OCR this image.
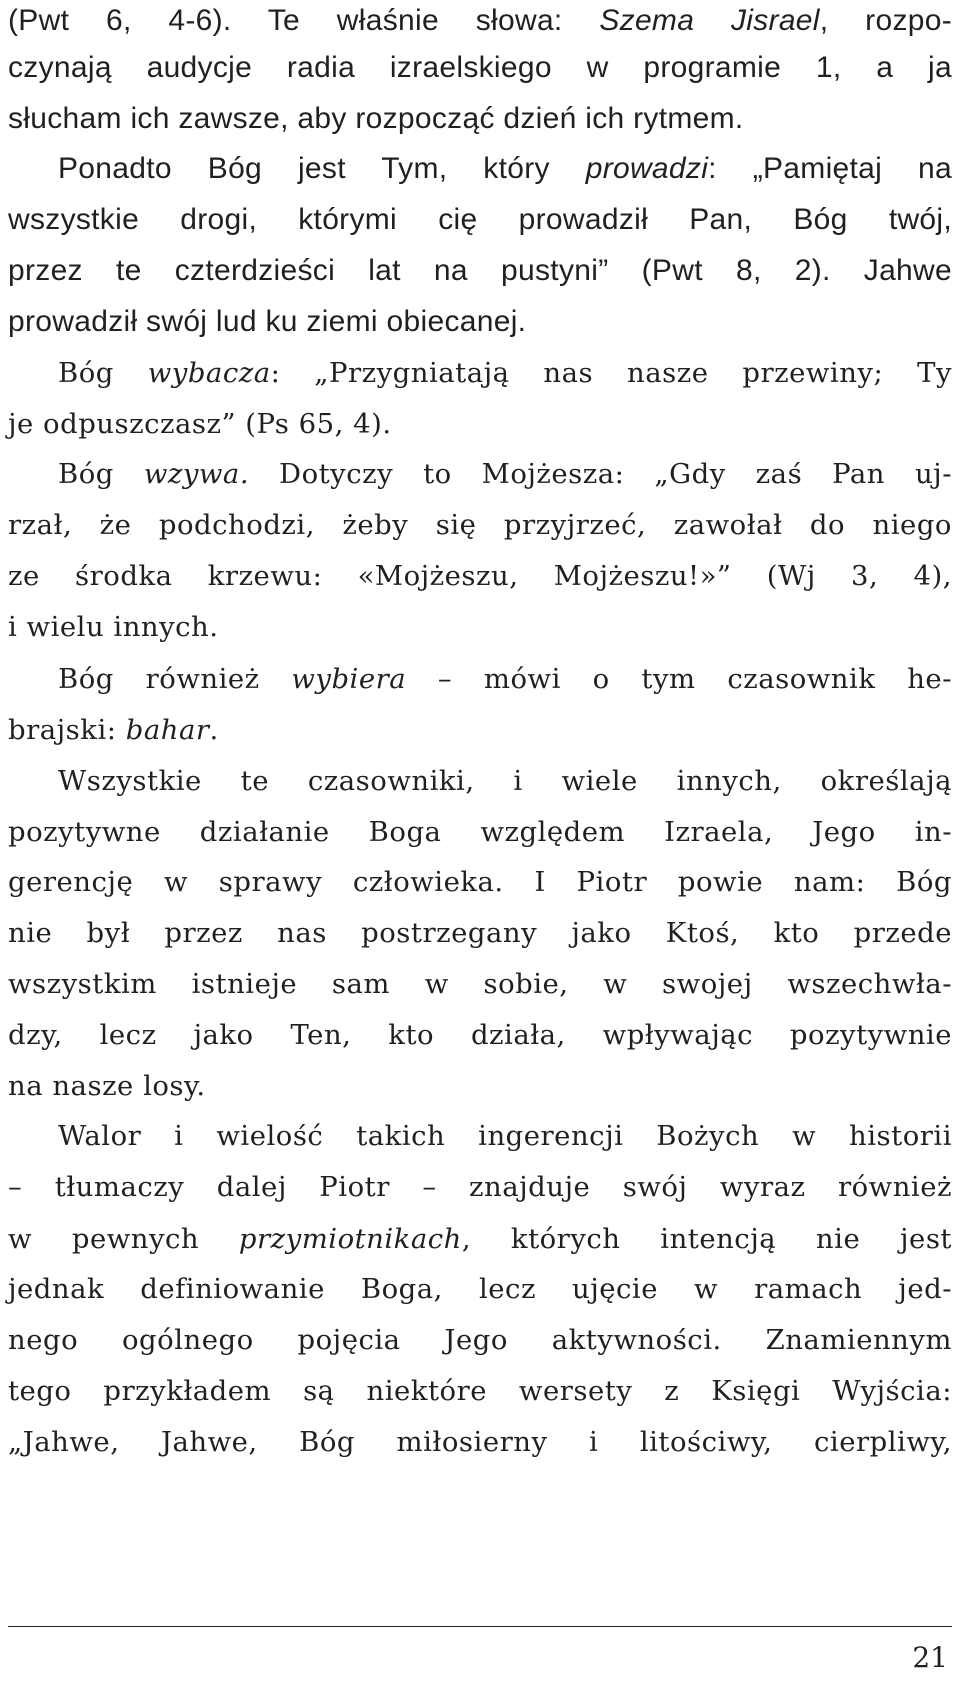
(Pwt 6, 4-6). Te właśnie słowa: Szema Jisrael, rozpo-
czynają audycje radia izraelskiego w programie 1, a ja
słucham ich zawsze, aby rozpocząć dzień ich rytmem.
Ponadto Bóg jest Tym, który prowadzi: „Pamiętaj na
wszystkie drogi, którymi cię prowadził Pan, Bóg twój,
przez te czterdzieści lat na pustyni” (Pwt 8, 2). Jahwe
prowadził swój lud ku ziemi obiecanej.
Bóg wybacza: „Przygniatają nas nasze przewiny; Ty
je odpuszczasz” (Ps 65, 4).
Bóg wzywa. Dotyczy to Mojżesza: „Gdy zaś Pan uj-
rzał, że podchodzi, żeby się przyjrzeć, zawołał do niego
ze środka krzewu: «Mojżeszu, Mojżeszu!»” (Wj 3, 4),
i wielu innych.
Bóg również wybiera – mówi o tym czasownik he-
brajski: bahar.
Wszystkie te czasowniki, i wiele innych, określają
pozytywne działanie Boga względem Izraela, Jego in-
gerencję w sprawy człowieka. I Piotr powie nam: Bóg
nie był przez nas postrzegany jako Ktoś, kto przede
wszystkim istnieje sam w sobie, w swojej wszechwła-
dzy, lecz jako Ten, kto działa, wpływając pozytywnie
na nasze losy.
Walor i wielość takich ingerencji Bożych w historii
– tłumaczy dalej Piotr – znajduje swój wyraz również
w pewnych przymiotnikach, których intencją nie jest
jednak definiowanie Boga, lecz ujęcie w ramach jed-
nego ogólnego pojęcia Jego aktywności. Znamiennym
tego przykładem są niektóre wersety z Księgi Wyjścia:
„Jahwe, Jahwe, Bóg miłosierny i litościwy, cierpliwy,
21
